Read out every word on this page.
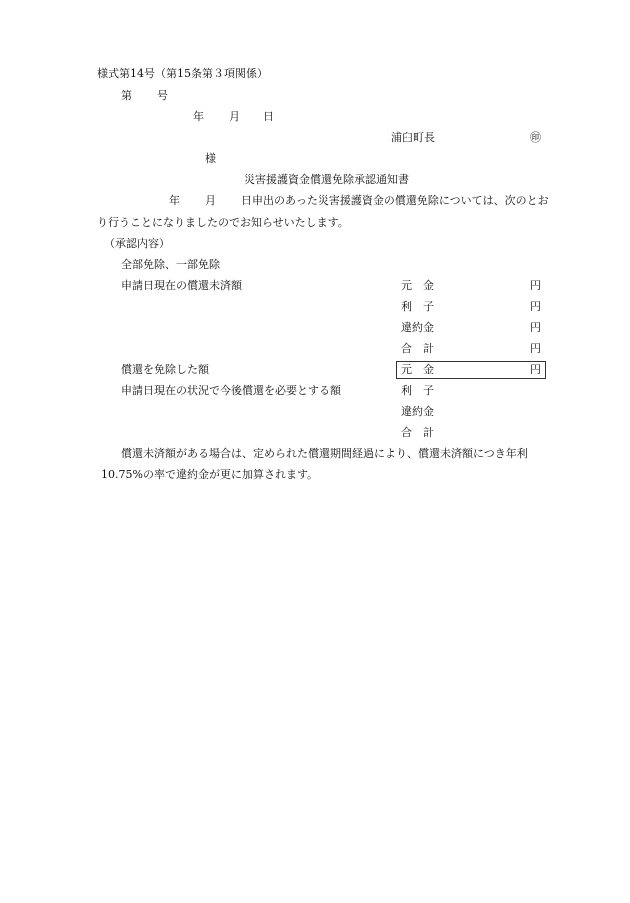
様式第14号（第15条第３項関係）
第 号
年 月 日
浦臼町長	㊞
様
災害援護資金償還免除承認通知書
年 月 日申出のあった災害援護資金の償還免除については、次のとお
り行うことになりましたのでお知らせいたします。
（承認内容）
全部免除、一部免除
申請日現在の償還未済額	元　金	円
利　子	円
違約金	円
合　計	円
償還を免除した額	元　金	円
申請日現在の状況で今後償還を必要とする額	利　子
違約金
合　計
償還未済額がある場合は、定められた償還期間経過により、償還未済額につき年利
10.75%の率で違約金が更に加算されます。
